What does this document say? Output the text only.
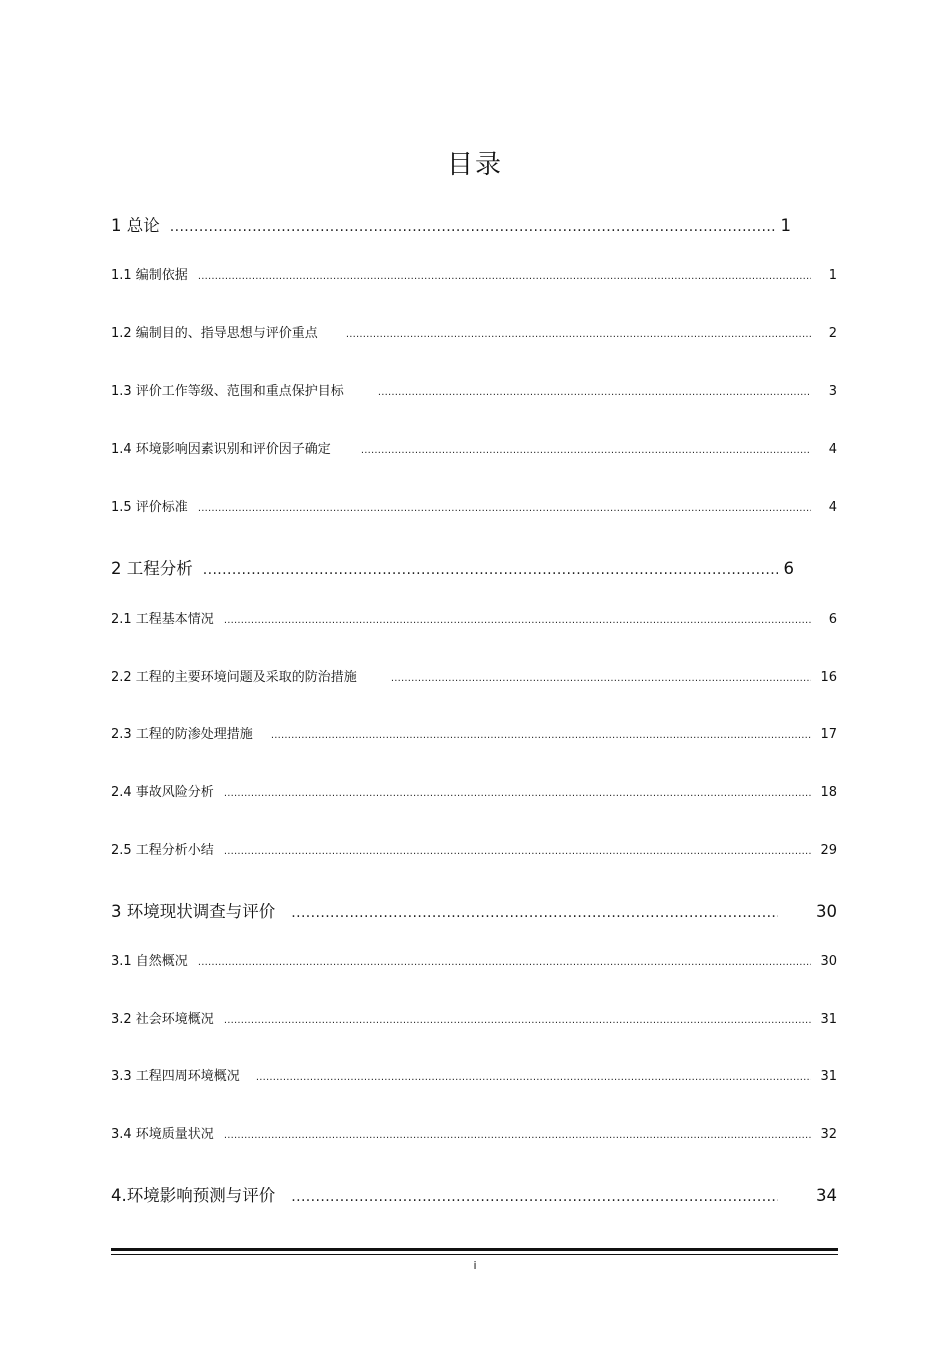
目录
1 总论 .....	1
1.1 编制依据 .....	1
1.2 编制目的、指导思想与评价重点 .....	2
1.3 评价工作等级、范围和重点保护目标 .....	3
1.4 环境影响因素识别和评价因子确定 .....	4
1.5 评价标准 .....	4
2 工程分析 .....	6
2.1 工程基本情况 .....	6
2.2 工程的主要环境问题及采取的防治措施 .....	16
2.3 工程的防渗处理措施 .....	17
2.4 事故风险分析 .....	18
2.5 工程分析小结 .....	29
3 环境现状调查与评价 .....	30
3.1 自然概况 .....	30
3.2 社会环境概况 .....	31
3.3 工程四周环境概况 .....	31
3.4 环境质量状况 .....	32
4.环境影响预测与评价 .....	34
i
